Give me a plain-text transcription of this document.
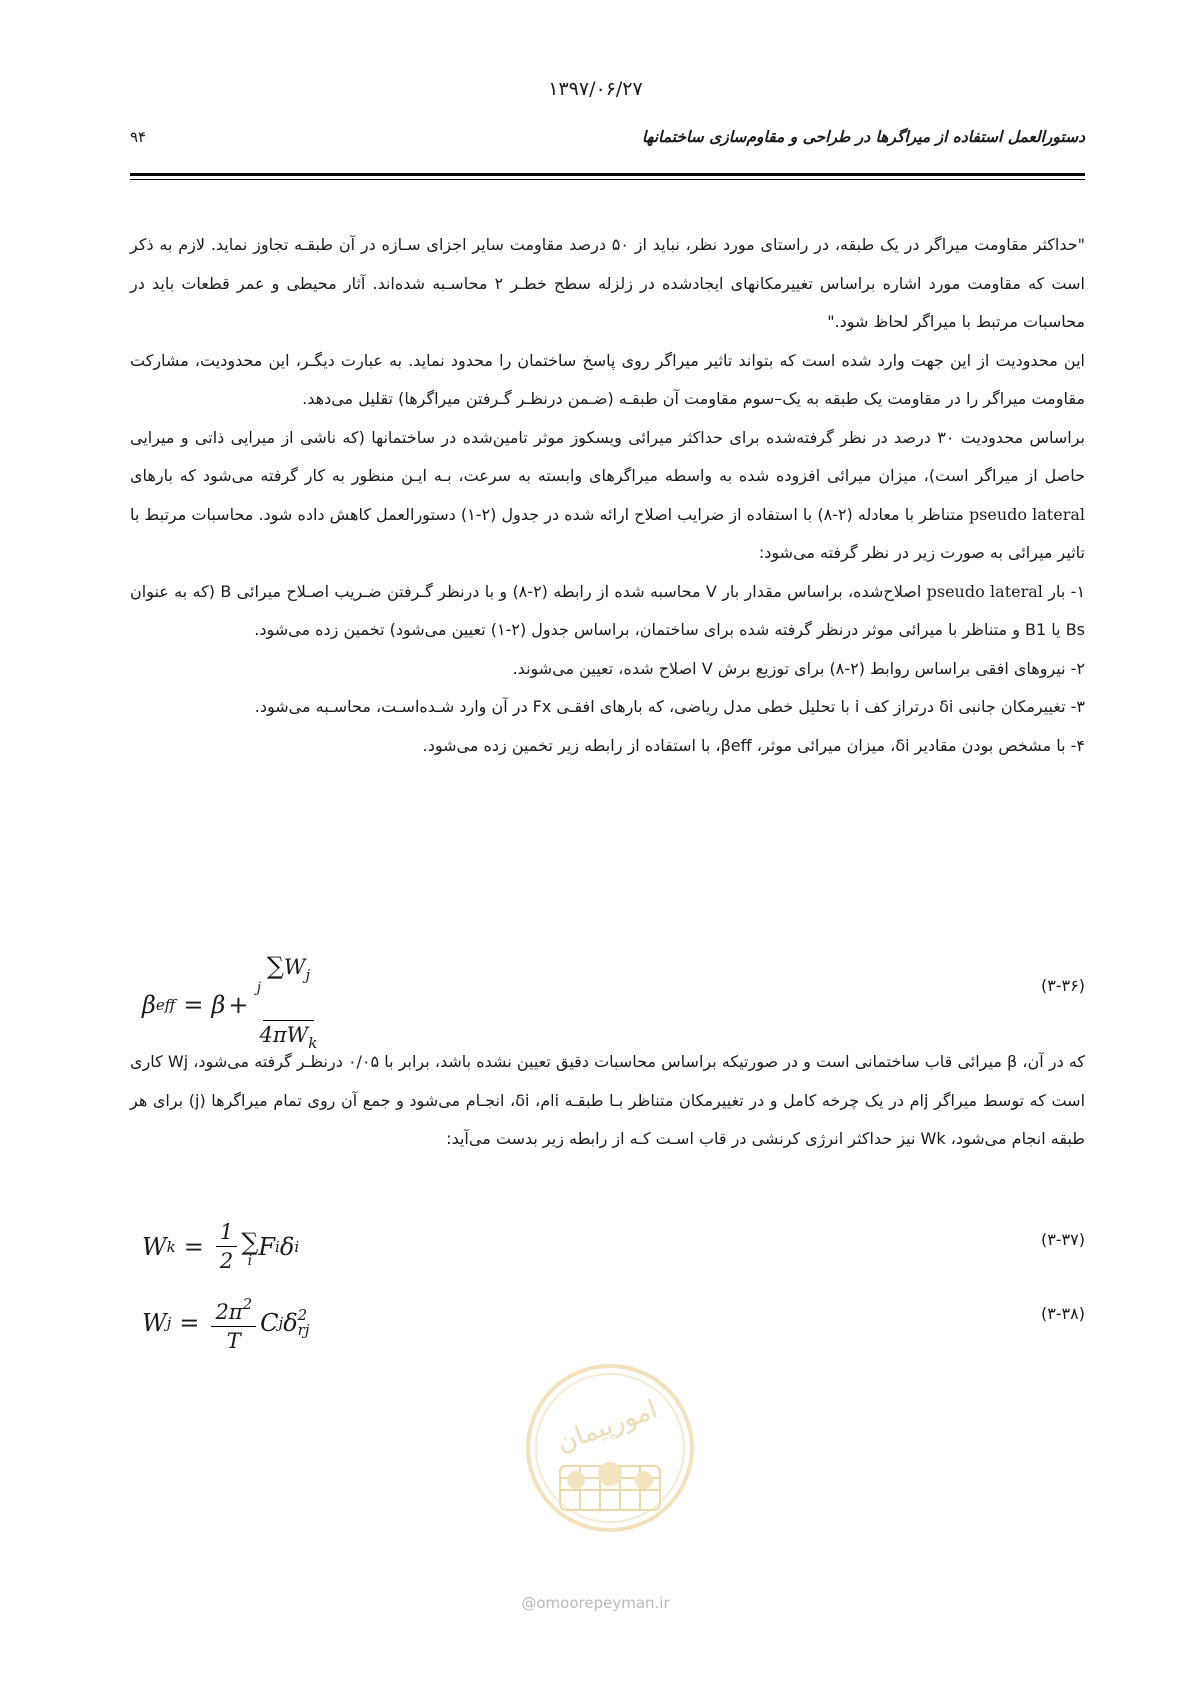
۱۳۹۷/۰۶/۲۷
دستورالعمل استفاده از میراگرها در طراحی و مقاوم‌سازی ساختمانها
۹۴

"حداکثر مقاومت میراگر در یک طبقه، در راستای مورد نظر، نباید از ۵۰ درصد مقاومت سایر اجزای سـازه در آن طبقـه تجاوز نماید. لازم به ذکر است که مقاومت مورد اشاره براساس تغییرمکانهای ایجادشده در زلزله سطح خطـر ۲ محاسـبه شده‌اند. آثار محیطی و عمر قطعات باید در محاسبات مرتبط با میراگر لحاظ شود."

این محدودیت از این جهت وارد شده است که بتواند تاثیر میراگر روی پاسخ ساختمان را محدود نماید. به عبارت دیگـر، این محدودیت، مشارکت مقاومت میراگر را در مقاومت یک طبقه به یک–سوم مقاومت آن طبقـه (ضـمن درنظـر گـرفتن میراگرها) تقلیل می‌دهد.

براساس محدودیت ۳۰ درصد در نظر گرفته‌شده برای حداکثر میرائی ویسکوز موثر تامین‌شده در ساختمانها (که ناشی از میرایی ذاتی و میرایی حاصل از میراگر است)، میزان میرائی افزوده شده به واسطه میراگرهای وابسته به سرعت، بـه ایـن منظور به کار گرفته می‌شود که بارهای pseudo lateral متناظر با معادله (۲-۸) با استفاده از ضرایب اصلاح ارائه شده در جدول (۲-۱) دستورالعمل کاهش داده شود. محاسبات مرتبط با تاثیر میرائی به صورت زیر در نظر گرفته می‌شود:

۱- بار pseudo lateral اصلاح‌شده، براساس مقدار بار V محاسبه شده از رابطه (۲-۸) و با درنظر گـرفتن ضـریب اصـلاح میرائی B (که به عنوان Bs یا B1 و متناظر با میرائی موثر درنظر گرفته شده برای ساختمان، براساس جدول (۲-۱) تعیین می‌شود) تخمین زده می‌شود.

۲- نیروهای افقی براساس روابط (۲-۸) برای توزیع برش V اصلاح شده، تعیین می‌شوند.

۳- تغییرمکان جانبی δi درتراز کف i با تحلیل خطی مدل ریاضی، که بارهای افقـی Fx در آن وارد شـده‌اسـت، محاسـبه می‌شود.

۴- با مشخص بودن مقادیر δi، میزان میرائی موثر، βeff، با استفاده از رابطه زیر تخمین زده می‌شود.

(۳-۳۶)
β eff = β +
$\sum W_j$
$^j$
$4\pi W_k$

که در آن، β میرائی قاب ساختمانی است و در صورتیکه براساس محاسبات دقیق تعیین نشده باشد، برابر با ۰/۰۵ درنظـر گرفته می‌شود، Wj کاری است که توسط میراگر jام در یک چرخه کامل و در تغییرمکان متناظر بـا طبقـه iام، δi، انجـام می‌شود و جمع آن روی تمام میراگرها (j) برای هر طبقه انجام می‌شود، Wk نیز حداکثر انرژی کرنشی در قاب اسـت کـه از رابطه زیر بدست می‌آید:

(۳-۳۷)
W $k = \frac{1}{2}$ ∑
i F i δ i
(۳-۳۸)
W $j = \frac{2\pi^2}{T}$ C j δ 2
rj
امورپیمان
@omoorepeyman.ir
